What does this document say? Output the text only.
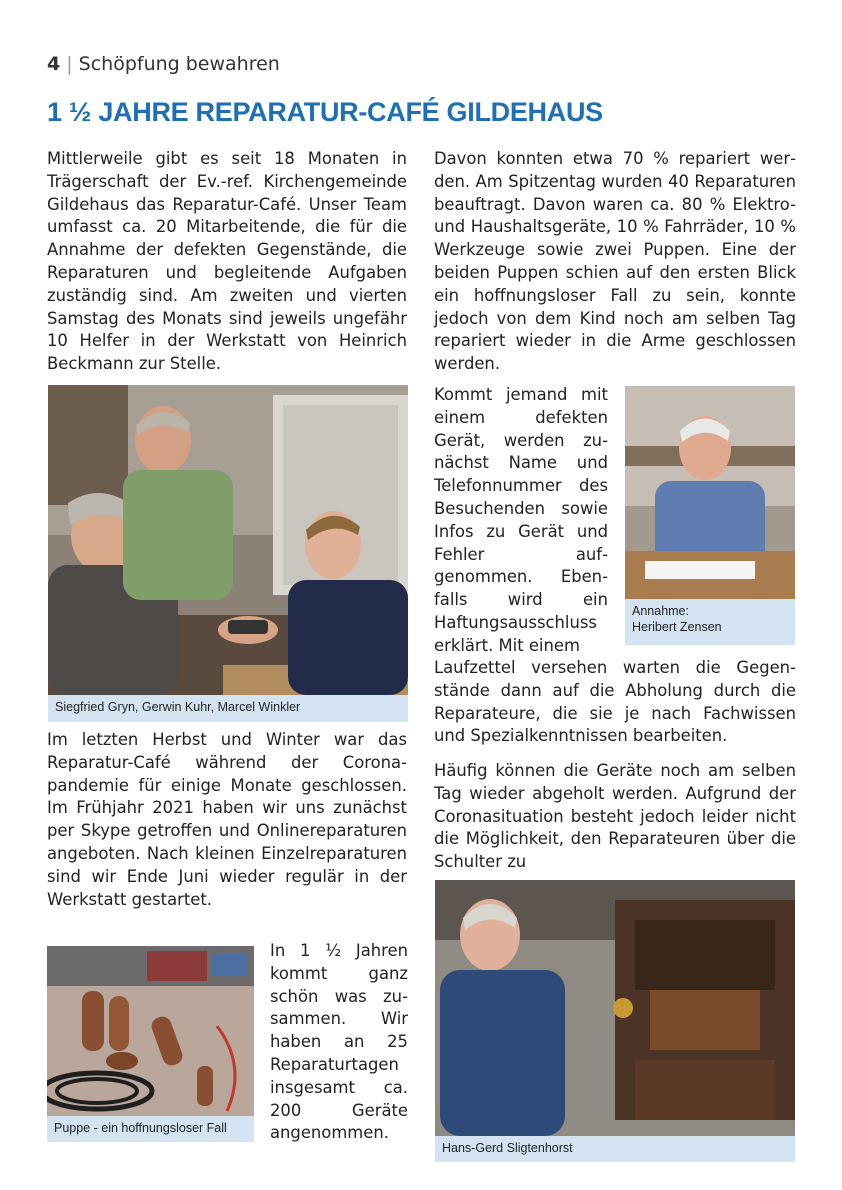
4 | Schöpfung bewahren
1 ½ JAHRE REPARATUR-CAFÉ GILDEHAUS

Mittlerweile gibt es seit 18 Monaten in Trägerschaft der Ev.-ref. Kirchengemeinde Gildehaus das Reparatur-Café. Unser Team umfasst ca. 20 Mitarbeitende, die für die Annahme der defekten Gegenstände, die Reparaturen und begleitende Aufgaben zuständig sind. Am zweiten und vierten Samstag des Monats sind jeweils ungefähr 10 Helfer in der Werkstatt von Heinrich Beckmann zur Stelle.

Siegfried Gryn, Gerwin Kuhr, Marcel Winkler

Im letzten Herbst und Winter war das Reparatur-Café während der Coronapandemie für einige Monate geschlossen. Im Frühjahr 2021 haben wir uns zunächst per Skype getroffen und Onlinereparaturen angeboten. Nach kleinen Einzelreparaturen sind wir Ende Juni wieder regulär in der Werkstatt gestartet.

Puppe - ein hoffnungsloser Fall

In 1 ½ Jahren kommt ganz schön was zusammen. Wir haben an 25 Reparaturtagen insgesamt ca. 200 Geräte angenommen.

Davon konnten etwa 70 % repariert werden. Am Spitzentag wurden 40 Reparaturen beauftragt. Davon waren ca. 80 % Elektro- und Haushaltsgeräte, 10 % Fahrräder, 10 % Werkzeuge sowie zwei Puppen. Eine der beiden Puppen schien auf den ersten Blick ein hoffnungsloser Fall zu sein, konnte jedoch von dem Kind noch am selben Tag repariert wieder in die Arme geschlossen werden.

Kommt jemand mit einem defekten Gerät, werden zunächst Name und Telefonnummer des Besuchenden sowie Infos zu Gerät und Fehler aufgenommen. Ebenfalls wird ein Haftungsausschluss erklärt. Mit einem

Annahme:
Heribert Zensen

Laufzettel versehen warten die Gegenstände dann auf die Abholung durch die Reparateure, die sie je nach Fachwissen und Spezialkenntnissen bearbeiten.

Häufig können die Geräte noch am selben Tag wieder abgeholt werden. Aufgrund der Coronasituation besteht jedoch leider nicht die Möglichkeit, den Reparateuren über die Schulter zu

Hans-Gerd Sligtenhorst
